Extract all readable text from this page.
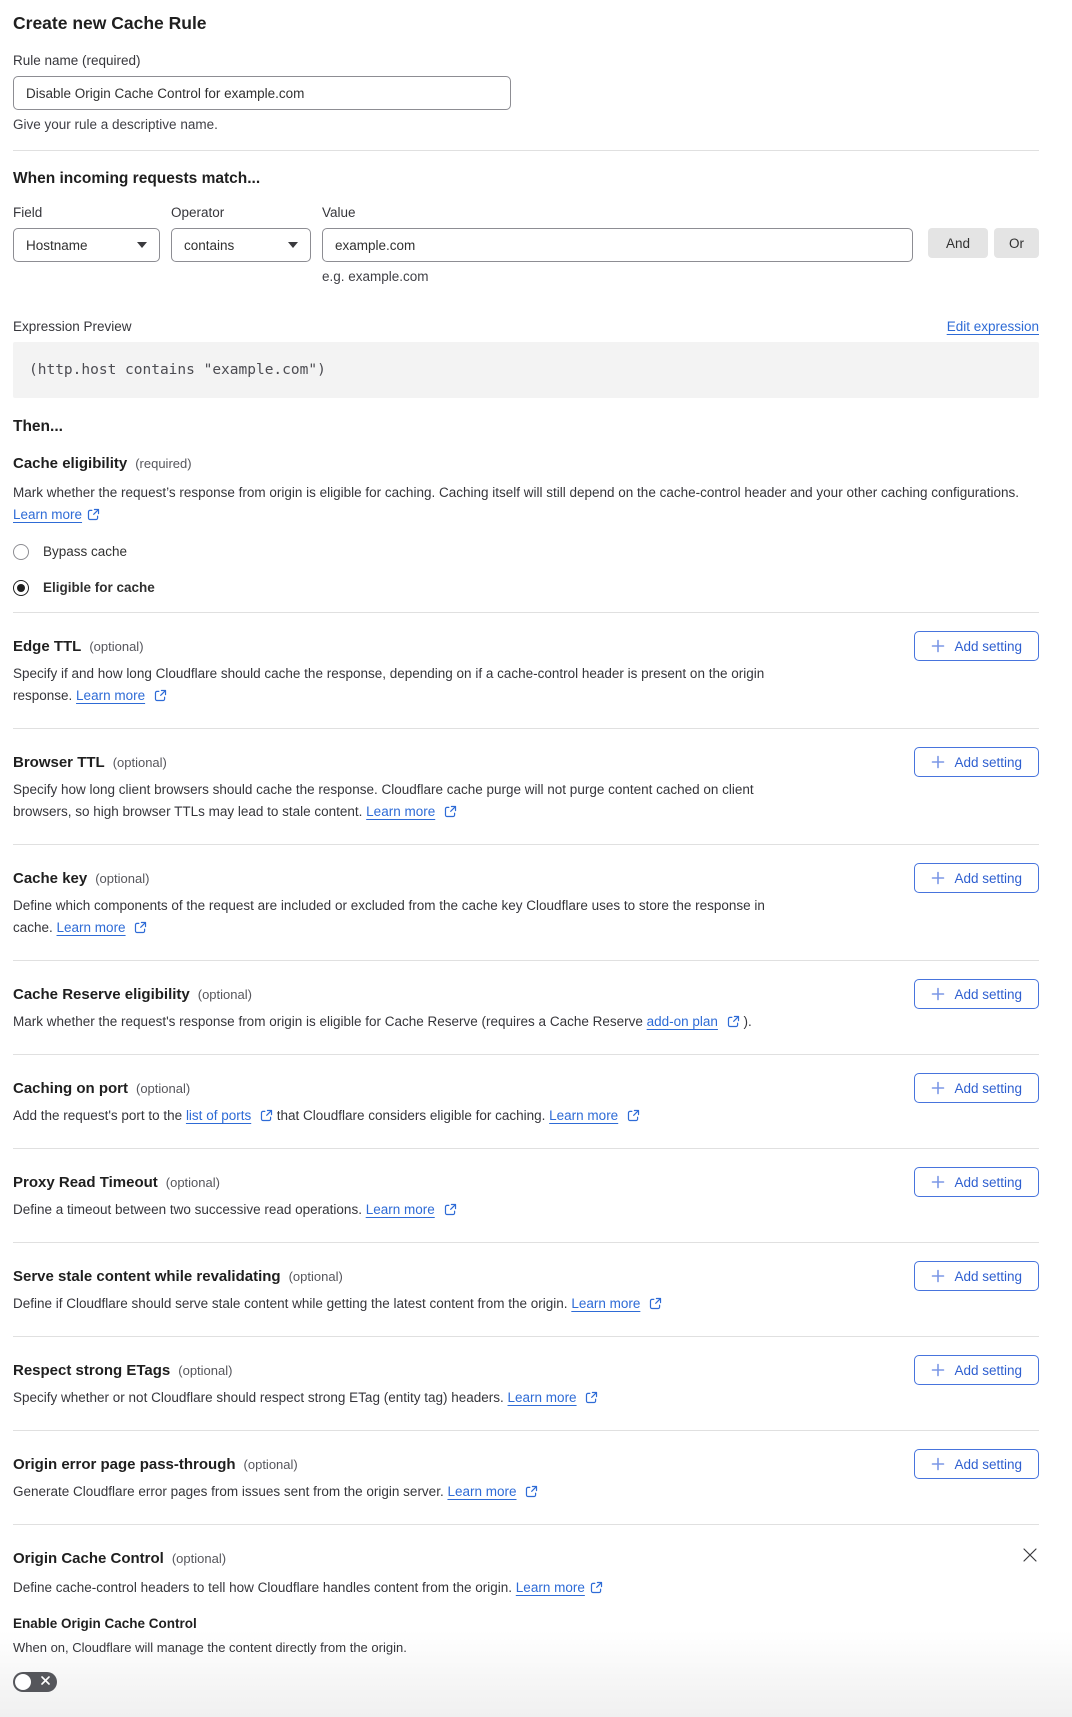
Create new Cache Rule
Rule name (required)
Disable Origin Cache Control for example.com
Give your rule a descriptive name.
When incoming requests match...
Field
Hostname
Operator
contains
Value
example.com
e.g. example.com
And	Or
Expression Preview	Edit expression
(http.host contains "example.com")
Then...
Cache eligibility (required)

Mark whether the request’s response from origin is eligible for caching. Caching itself will still depend on the cache-control header and your other caching configurations. Learn more

Bypass cache
Eligible for cache
Edge TTL (optional)

Specify if and how long Cloudflare should cache the response, depending on if a cache-control header is present on the origin response. Learn more

Add setting
Browser TTL (optional)

Specify how long client browsers should cache the response. Cloudflare cache purge will not purge content cached on client browsers, so high browser TTLs may lead to stale content. Learn more

Add setting
Cache key (optional)

Define which components of the request are included or excluded from the cache key Cloudflare uses to store the response in cache. Learn more

Add setting
Cache Reserve eligibility (optional)

Mark whether the request's response from origin is eligible for Cache Reserve (requires a Cache Reserve add-on plan  ).

Add setting
Caching on port (optional)

Add the request's port to the list of ports  that Cloudflare considers eligible for caching. Learn more

Add setting
Proxy Read Timeout (optional)

Define a timeout between two successive read operations. Learn more

Add setting
Serve stale content while revalidating (optional)

Define if Cloudflare should serve stale content while getting the latest content from the origin. Learn more

Add setting
Respect strong ETags (optional)

Specify whether or not Cloudflare should respect strong ETag (entity tag) headers. Learn more

Add setting
Origin error page pass-through (optional)

Generate Cloudflare error pages from issues sent from the origin server. Learn more

Add setting
Origin Cache Control (optional)

Define cache-control headers to tell how Cloudflare handles content from the origin. Learn more

Enable Origin Cache Control

When on, Cloudflare will manage the content directly from the origin.
